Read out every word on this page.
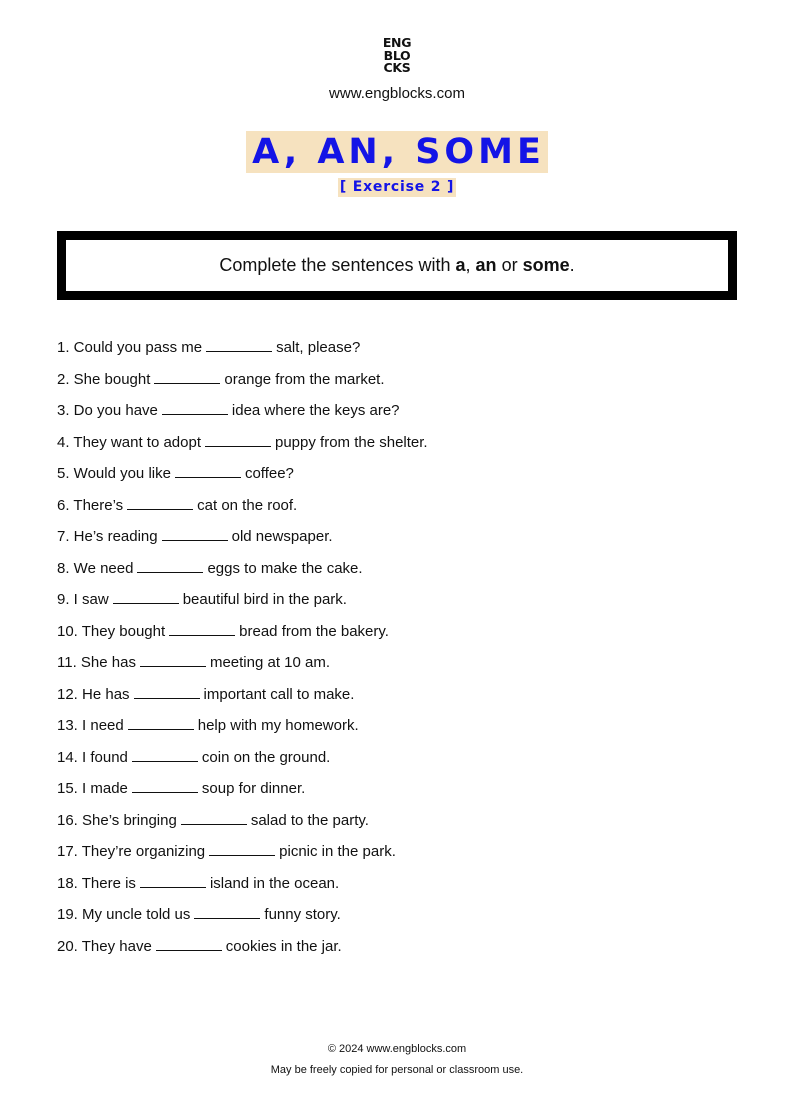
ENG
BLO
CKS
www.engblocks.com
A, AN, SOME
[ Exercise 2 ]
Complete the sentences with a, an or some.
1. Could you pass me	salt, please?
2. She bought	orange from the market.
3. Do you have	idea where the keys are?
4. They want to adopt	puppy from the shelter.
5. Would you like	coffee?
6. There’s	cat on the roof.
7. He’s reading	old newspaper.
8. We need	eggs to make the cake.
9. I saw	beautiful bird in the park.
10. They bought	bread from the bakery.
11. She has	meeting at 10 am.
12. He has	important call to make.
13. I need	help with my homework.
14. I found	coin on the ground.
15. I made	soup for dinner.
16. She’s bringing	salad to the party.
17. They’re organizing	picnic in the park.
18. There is	island in the ocean.
19. My uncle told us	funny story.
20. They have	cookies in the jar.
© 2024 www.engblocks.com
May be freely copied for personal or classroom use.
